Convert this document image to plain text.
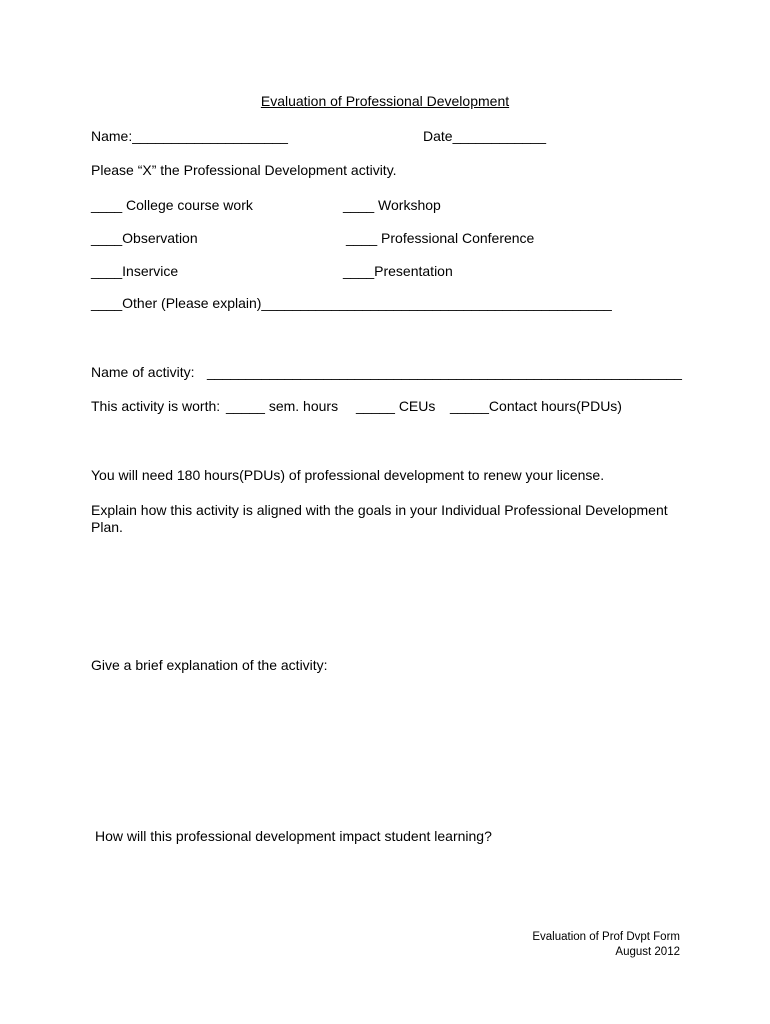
Evaluation of Professional Development
Name:____________________	Date____________
Please “X” the Professional Development activity.
____ College course work	____ Workshop
____Observation	____ Professional Conference
____Inservice	____Presentation
____Other (Please explain)_____________________________________________
Name of activity: _____________________________________________________________
This activity is worth: _____ sem. hours _____ CEUs _____Contact hours(PDUs)
You will need 180 hours(PDUs) of professional development to renew your license.
Explain how this activity is aligned with the goals in your Individual Professional Development Plan.
Give a brief explanation of the activity:
How will this professional development impact student learning?
Evaluation of Prof Dvpt Form
August 2012
